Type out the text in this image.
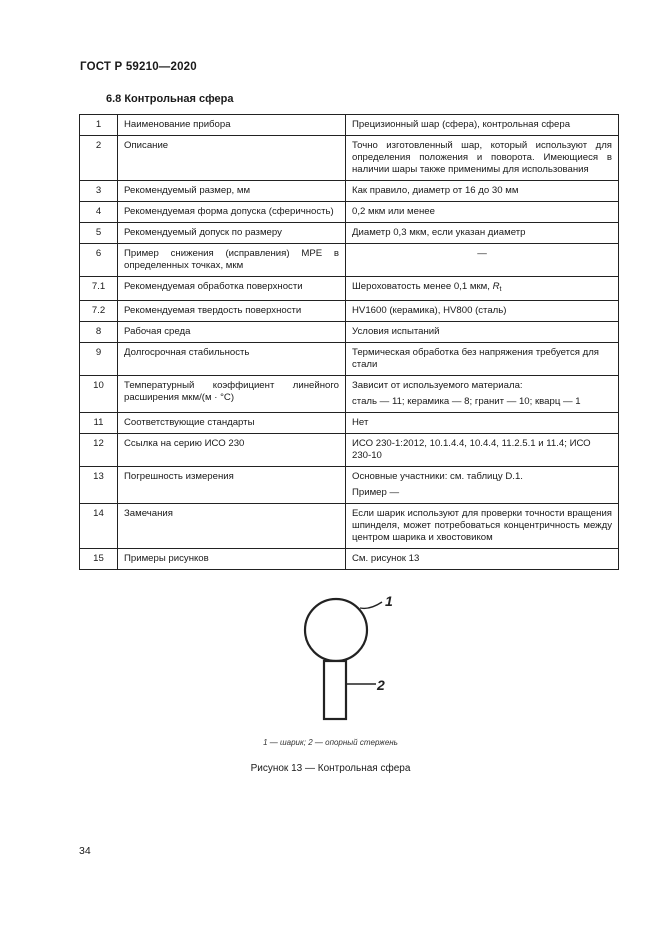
ГОСТ Р 59210—2020
6.8 Контрольная сфера
1	Наименование прибора	Прецизионный шар (сфера), контрольная сфера
2	Описание	Точно изготовленный шар, который используют для определения положения и поворота. Имеющиеся в наличии шары также применимы для использования
3	Рекомендуемый размер, мм	Как правило, диаметр от 16 до 30 мм
4	Рекомендуемая форма допуска (сферичность)	0,2 мкм или менее
5	Рекомендуемый допуск по размеру	Диаметр 0,3 мкм, если указан диаметр
6	Пример снижения (исправления) MPE в определенных точках, мкм	—
7.1	Рекомендуемая обработка поверхности	Шероховатость менее 0,1 мкм, $R_t$
7.2	Рекомендуемая твердость поверхности	HV1600 (керамика), HV800 (сталь)
8	Рабочая среда	Условия испытаний
9	Долгосрочная стабильность	Термическая обработка без напряжения требуется для стали
10	Температурный коэффициент линейного расширения мкм/(м · °С)	Зависит от используемого материала:
сталь — 11; керамика — 8; гранит — 10; кварц — 1

11	Соответствующие стандарты	Нет
12	Ссылка на серию ИСО 230	ИСО 230-1:2012, 10.1.4.4, 10.4.4, 11.2.5.1 и 11.4; ИСО 230-10
13	Погрешность измерения	Основные участники: см. таблицу D.1.
Пример —

14	Замечания	Если шарик используют для проверки точности вращения шпинделя, может потребоваться концентричность между центром шарика и хвостовиком
15	Примеры рисунков	См. рисунок 13
1
2
1 — шарик; 2 — опорный стержень
Рисунок 13 — Контрольная сфера
34
